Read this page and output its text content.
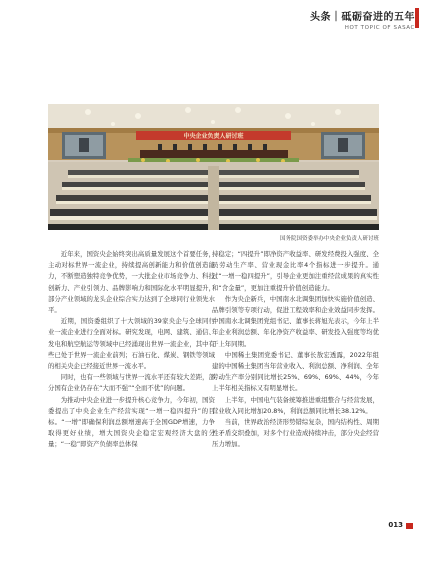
头条｜砥砺奋进的五年
HOT TOPIC OF SASAC
中央企业负责人研讨班
国务院国资委举办中央企业负责人研讨班

近年来，国资央企始终突出高质量发展这个首要任务，主动对标世界一流企业，持续提高创新能力和价值创造能力，不断塑造独特竞争优势，一大批企业市场竞争力、科技创新力、产业引领力、品牌影响力和国际化水平明显提升，部分产业领域的龙头企业综合实力达到了全球同行业领先水平。

近期，国资委组织了十大领域的39家央企与全球同行业一流企业进行全面对标。研究发现，电网、建筑、通信、发电和航空航运等领域中已经涌现出世界一流企业，其中有些已处于世界一流企业前列；石油石化、煤炭、钢铁等领域的相关央企已经接近世界一流水平。

同时，也有一些领域与世界一流水平还有较大差距，部分国有企业仍存在“大而不强”“全而不优”的问题。

为推动中央企业进一步提升核心竞争力，今年初，国资委提出了中央企业生产经营实现“一增一稳四提升”的目标。“一增”即确保利润总额增速高于全国GDP增速，力争取得更好业绩，增大国资央企稳定宏观经济大盘的分量；“一稳”即资产负债率总体保

持稳定；“四提升”即净资产收益率、研发经费投入强度、全员劳动生产率、营业现金比率4个指标进一步提升。通过“一增一稳四提升”，引导企业更加注重经营成果的真实性和“含金量”，更加注重提升价值创造能力。

作为央企新兵，中国南水北调集团加快实施价值创造、品牌引领等专项行动，促进工程效率和企业效益同步发挥。中国南水北调集团党组书记、董事长蒋旭光表示，今年上半年企业利润总额、年化净资产收益率、研发投入强度等均优于上年同期。

中国稀土集团党委书记、董事长敖宏透露，2022年组建的中国稀土集团当年营业收入、利润总额、净利润、全年劳动生产率分别同比增长25%、69%、69%、44%，今年上半年相关指标又有明显增长。

上半年，中国电气装备统筹推进重组整合与经营发展，营业收入同比增加20.8%，利润总额同比增长38.12%。

当前，世界政治经济形势错综复杂，国内结构性、周期性矛盾交织叠加，对多个行业造成持续冲击，部分央企经营压力增加。

013
